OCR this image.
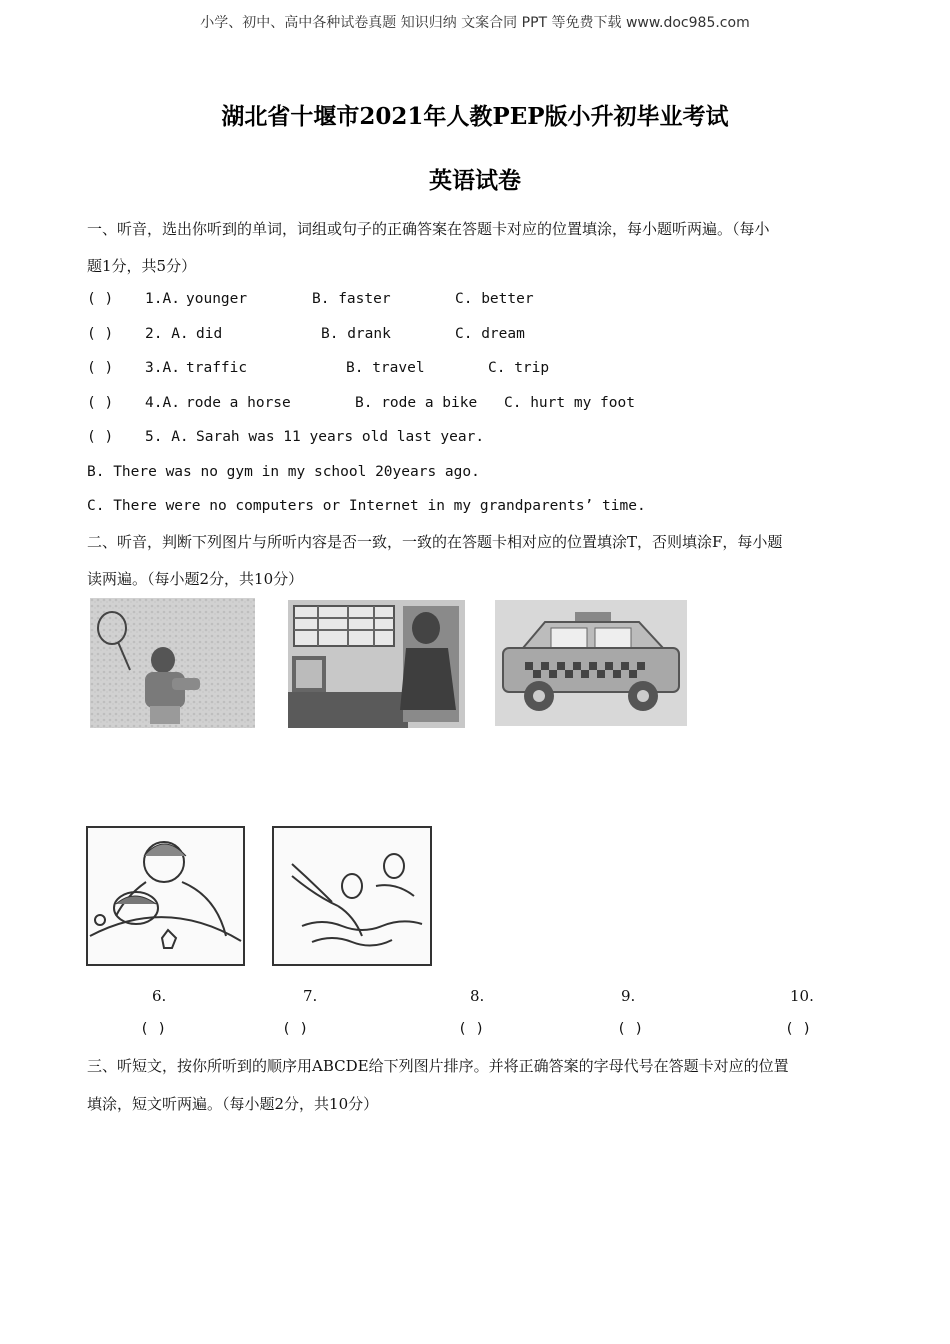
小学、初中、高中各种试卷真题 知识归纳 文案合同 PPT 等免费下载 www.doc985.com
湖北省十堰市2021年人教PEP版小升初毕业考试
英语试卷
一、听音，选出你听到的单词，词组或句子的正确答案在答题卡对应的位置填涂，每小题听两遍。（每小
题1分，共5分）
( ) 1.A. younger	B. faster	C. better
( ) 2. A. did	B. drank	C. dream
( ) 3.A. traffic	B. travel	C. trip
( ) 4.A. rode a horse	B. rode a bike C. hurt my foot
( ) 5. A. Sarah was 11 years old last year.
B. There was no gym in my school 20years ago.
C. There were no computers or Internet in my grandparents’ time.
二、听音，判断下列图片与所听内容是否一致，一致的在答题卡相对应的位置填涂T，否则填涂F，每小题
读两遍。（每小题2分，共10分）
6.	7.	8.	9.	10.
( )	( )	( )	( )	( )
三、听短文，按你所听到的顺序用ABCDE给下列图片排序。并将正确答案的字母代号在答题卡对应的位置
填涂，短文听两遍。（每小题2分，共10分）
